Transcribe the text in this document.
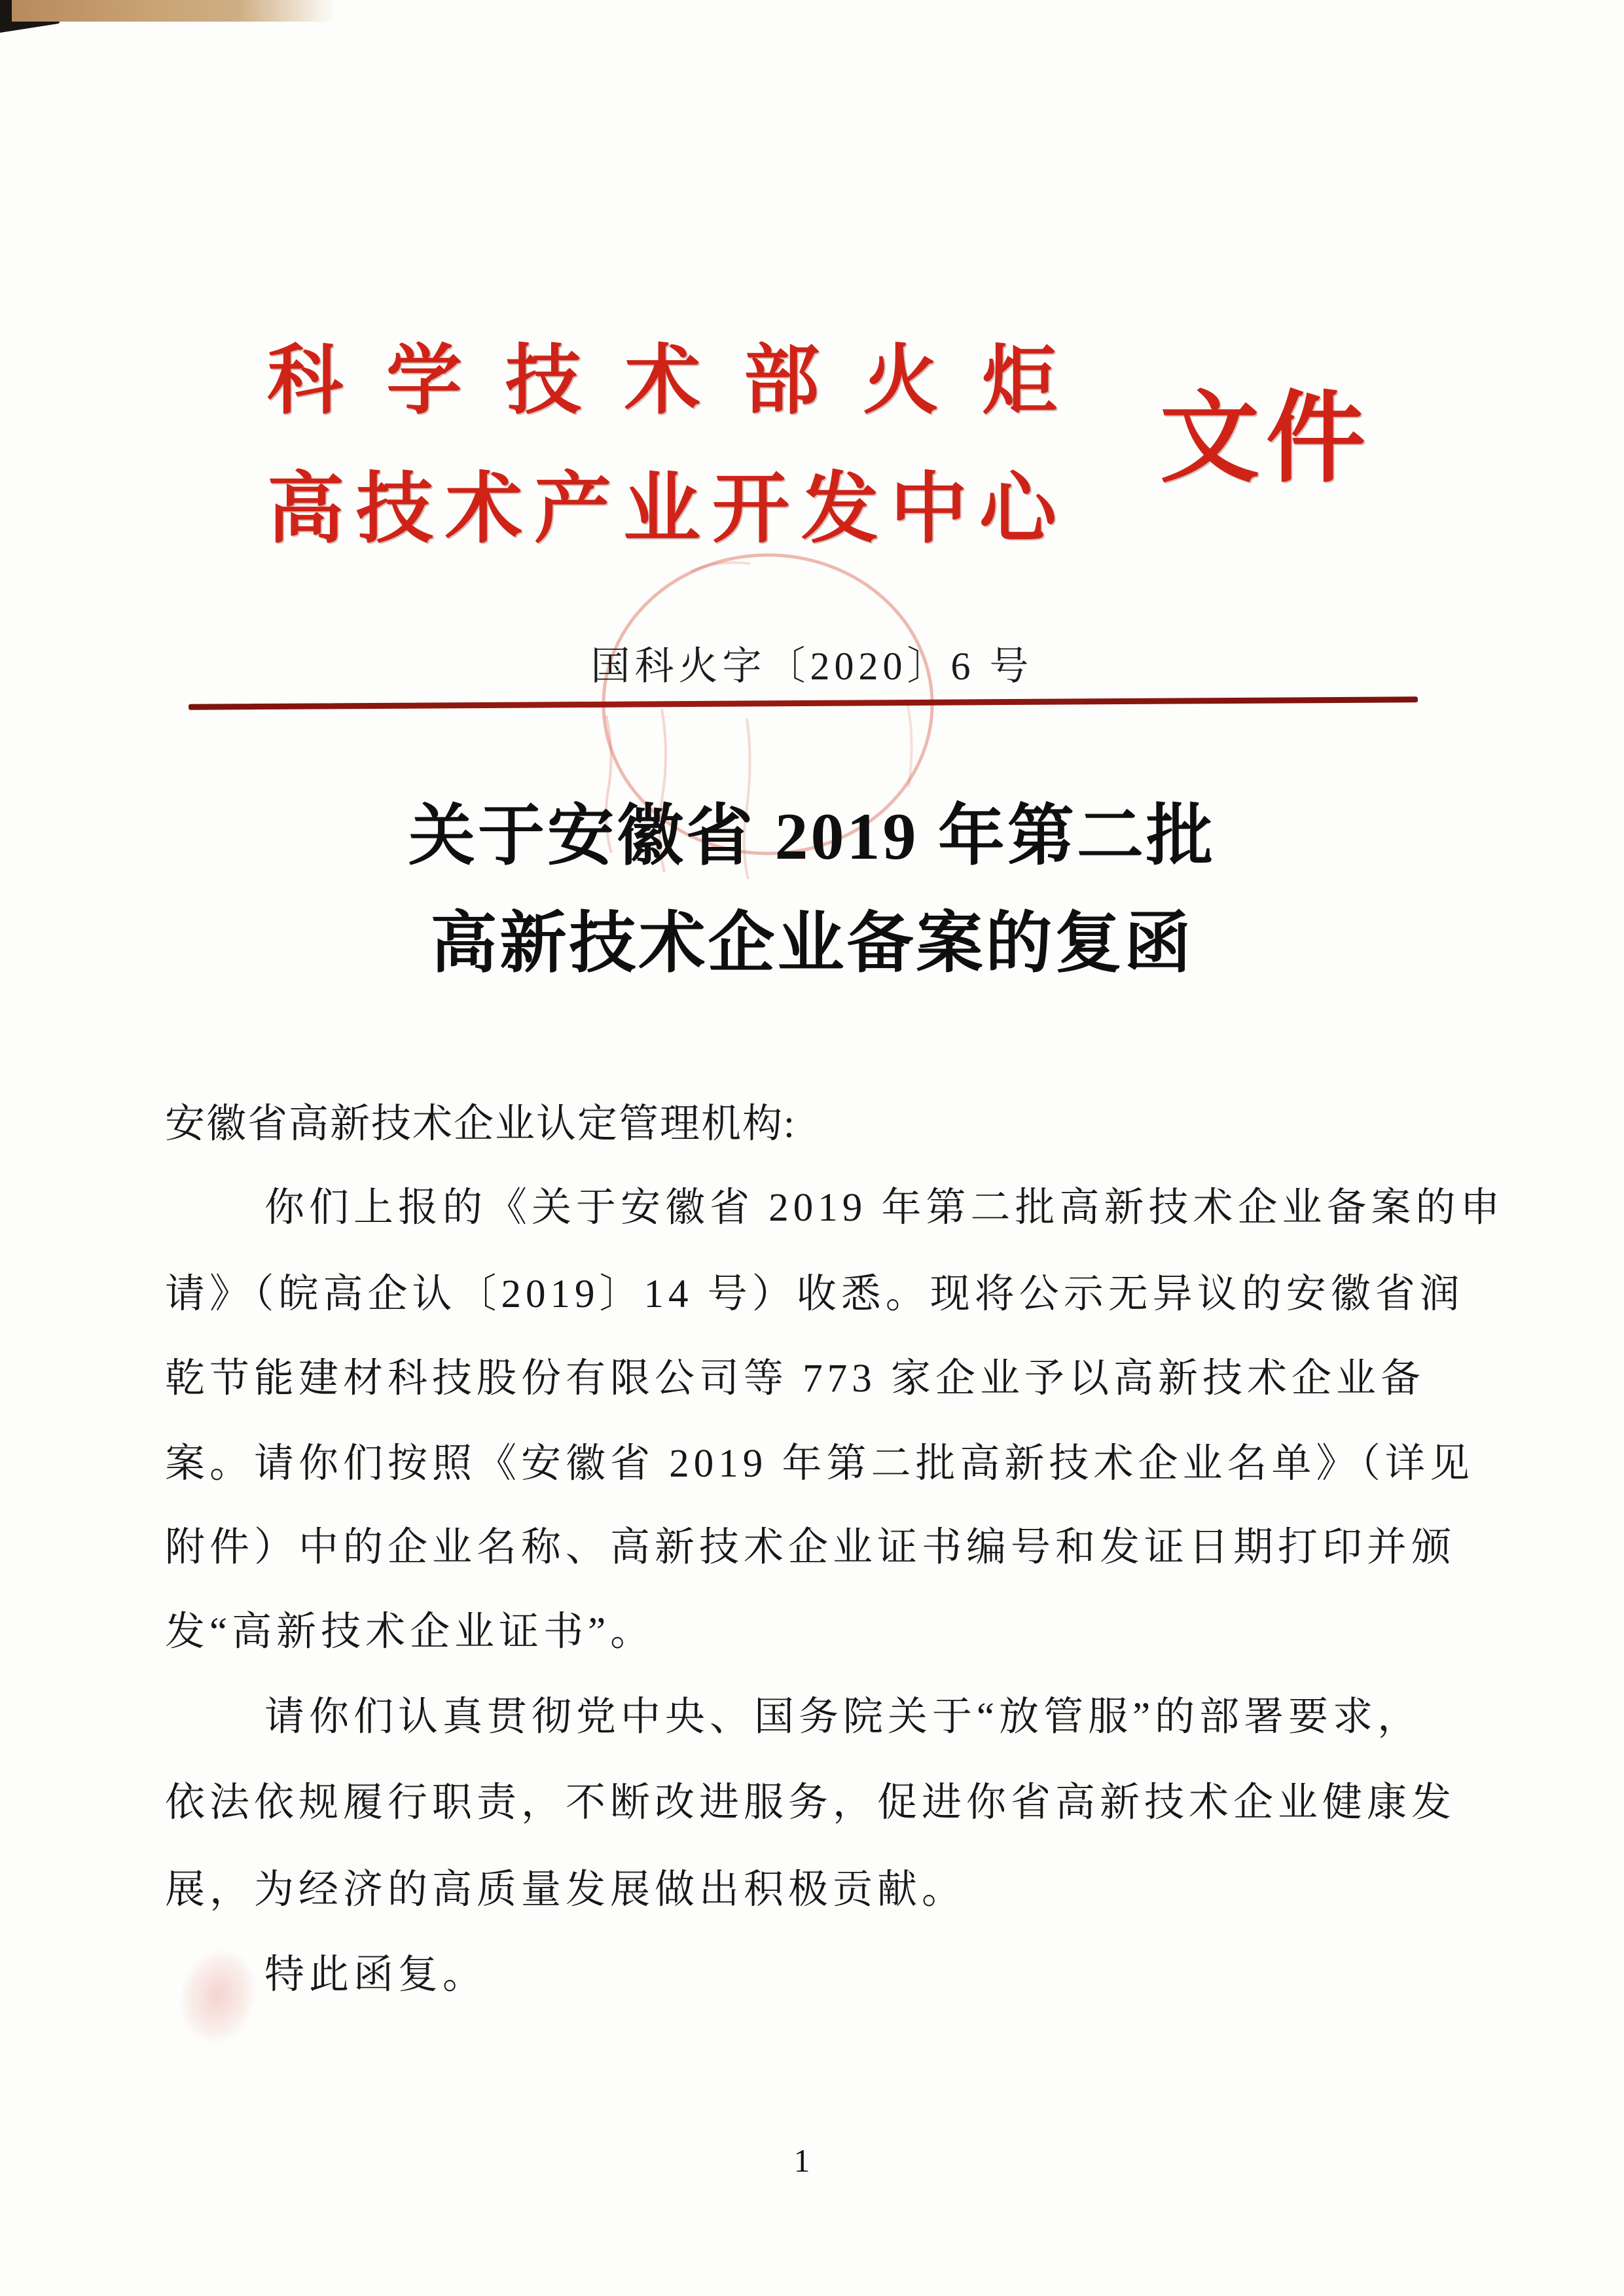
科学技术部火炬
高技术产业开发中心
文件
国科火字〔2020〕6 号
关于安徽省 2019 年第二批
高新技术企业备案的复函
安徽省高新技术企业认定管理机构:
你们上报的《关于安徽省 2019 年第二批高新技术企业备案的申
请》（皖高企认〔2019〕14 号）收悉。现将公示无异议的安徽省润
乾节能建材科技股份有限公司等 773 家企业予以高新技术企业备
案。请你们按照《安徽省 2019 年第二批高新技术企业名单》（详见
附件）中的企业名称、高新技术企业证书编号和发证日期打印并颁
发“高新技术企业证书”。
请你们认真贯彻党中央、国务院关于“放管服”的部署要求，
依法依规履行职责，不断改进服务，促进你省高新技术企业健康发
展，为经济的高质量发展做出积极贡献。
特此函复。
1
